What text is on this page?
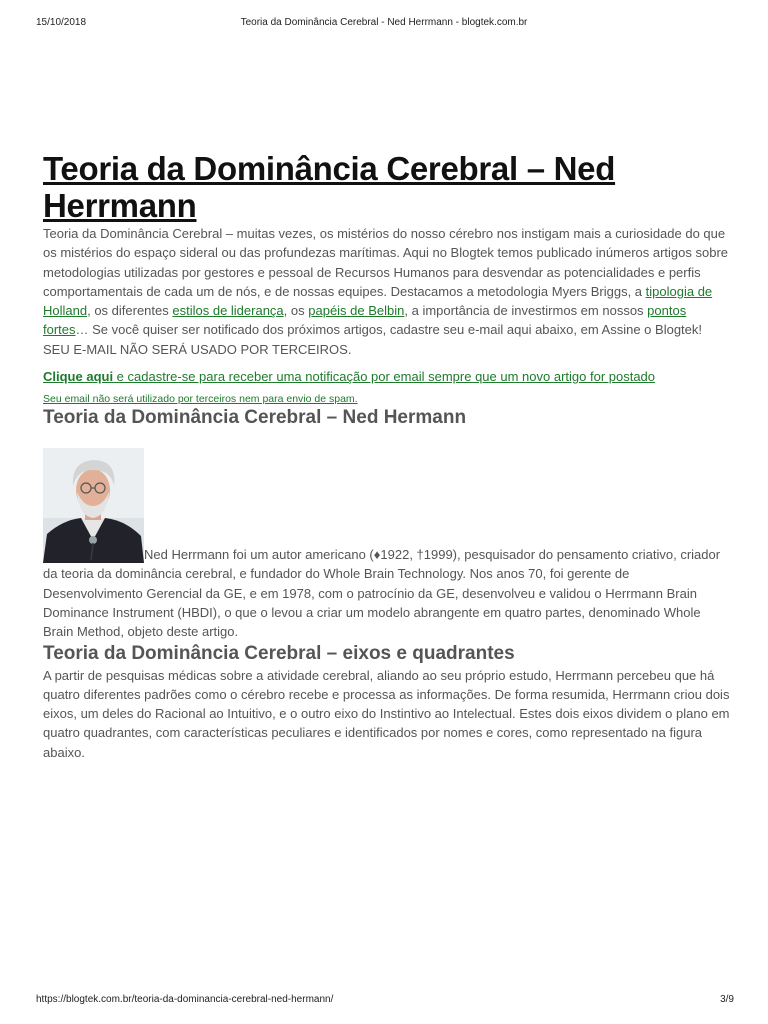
15/10/2018	Teoria da Dominância Cerebral - Ned Herrmann - blogtek.com.br
Teoria da Dominância Cerebral – Ned Herrmann

Teoria da Dominância Cerebral – muitas vezes, os mistérios do nosso cérebro nos instigam mais a curiosidade do que os mistérios do espaço sideral ou das profundezas marítimas. Aqui no Blogtek temos publicado inúmeros artigos sobre metodologias utilizadas por gestores e pessoal de Recursos Humanos para desvendar as potencialidades e perfis comportamentais de cada um de nós, e de nossas equipes. Destacamos a metodologia Myers Briggs, a tipologia de Holland, os diferentes estilos de liderança, os papéis de Belbin, a importância de investirmos em nossos pontos fortes… Se você quiser ser notificado dos próximos artigos, cadastre seu e-mail aqui abaixo, em Assine o Blogtek! SEU E-MAIL NÃO SERÁ USADO POR TERCEIROS.

Clique aqui e cadastre-se para receber uma notificação por email sempre que um novo artigo for postado
Seu email não será utilizado por terceiros nem para envio de spam.
Teoria da Dominância Cerebral – Ned Hermann

Ned Herrmann foi um autor americano (♦1922, †1999), pesquisador do pensamento criativo, criador da teoria da dominância cerebral, e fundador do Whole Brain Technology. Nos anos 70, foi gerente de Desenvolvimento Gerencial da GE, e em 1978, com o patrocínio da GE, desenvolveu e validou o Herrmann Brain Dominance Instrument (HBDI), o que o levou a criar um modelo abrangente em quatro partes, denominado Whole Brain Method, objeto deste artigo.

Teoria da Dominância Cerebral – eixos e quadrantes

A partir de pesquisas médicas sobre a atividade cerebral, aliando ao seu próprio estudo, Herrmann percebeu que há quatro diferentes padrões como o cérebro recebe e processa as informações. De forma resumida, Herrmann criou dois eixos, um deles do Racional ao Intuitivo, e o outro eixo do Instintivo ao Intelectual. Estes dois eixos dividem o plano em quatro quadrantes, com características peculiares e identificados por nomes e cores, como representado na figura abaixo.

https://blogtek.com.br/teoria-da-dominancia-cerebral-ned-hermann/	3/9
